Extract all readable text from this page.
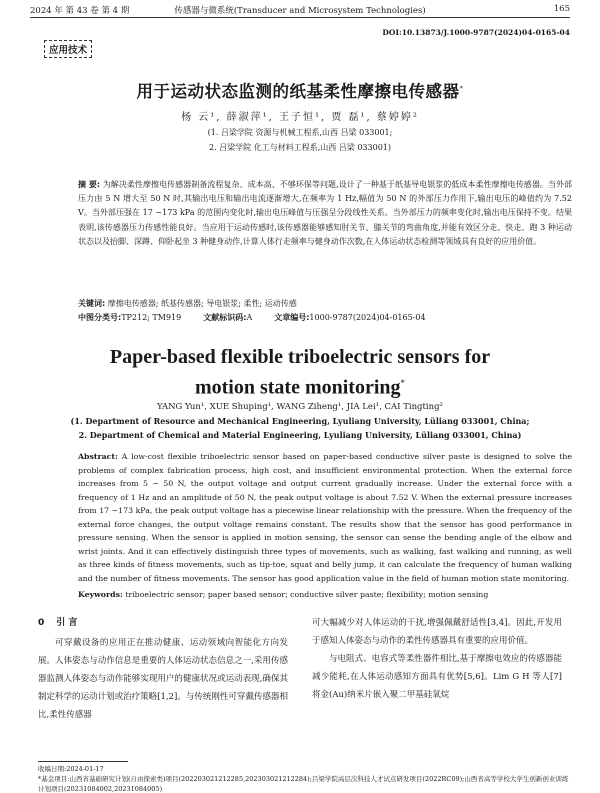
2024 年 第 43 卷 第 4 期	传感器与微系统(Transducer and Microsystem Technologies)	165
DOI:10.13873/J.1000-9787(2024)04-0165-04
应用技术
用于运动状态监测的纸基柔性摩擦电传感器*
杨 云¹, 薛淑萍¹, 王子恒¹, 贾 磊¹, 蔡婷婷²
(1. 吕梁学院 资源与机械工程系,山西 吕梁 033001;
2. 吕梁学院 化工与材料工程系,山西 吕梁 033001)
摘 要: 为解决柔性摩擦电传感器制备流程复杂、成本高、不够环保等问题,设计了一种基于纸基导电银浆的低成本柔性摩擦电传感器。当外部压力由 5 N 增大至 50 N 时,其输出电压和输出电流逐渐增大,在频率为 1 Hz,幅值为 50 N 的外部压力作用下,输出电压的峰值约为 7.52 V。当外部压强在 17 ~173 kPa 的范围内变化时,输出电压峰值与压强呈分段线性关系。当外部压力的频率变化时,输出电压保持不变。结果表明,该传感器压力传感性能良好。当应用于运动传感时,该传感器能够感知肘关节、膝关节的弯曲角度,并能有效区分走、快走、跑 3 种运动状态以及抬脚、深蹲、仰卧起坐 3 种健身动作,计算人体行走频率与健身动作次数,在人体运动状态检测等领域具有良好的应用价值。
关键词: 摩擦电传感器; 纸基传感器; 导电银浆; 柔性; 运动传感
中图分类号:TP212; TM919	文献标识码:A	文章编号:1000-9787(2024)04-0165-04
Paper-based flexible triboelectric sensors for
motion state monitoring*
YANG Yun¹, XUE Shuping¹, WANG Ziheng¹, JIA Lei¹, CAI Tingting²
(1. Department of Resource and Mechanical Engineering, Lyuliang University, Lüliang 033001, China;
2. Department of Chemical and Material Engineering, Lyuliang University, Lüliang 033001, China)
Abstract: A low-cost flexible triboelectric sensor based on paper-based conductive silver paste is designed to solve the problems of complex fabrication process, high cost, and insufficient environmental protection. When the external force increases from 5 ~ 50 N, the output voltage and output current gradually increase. Under the external force with a frequency of 1 Hz and an amplitude of 50 N, the peak output voltage is about 7.52 V. When the external pressure increases from 17 ~173 kPa, the peak output voltage has a piecewise linear relationship with the pressure. When the frequency of the external force changes, the output voltage remains constant. The results show that the sensor has good performance in pressure sensing. When the sensor is applied in motion sensing, the sensor can sense the bending angle of the elbow and wrist joints. And it can effectively distinguish three types of movements, such as walking, fast walking and running, as well as three kinds of fitness movements, such as tip-toe, squat and belly jump, it can calculate the frequency of human walking and the number of fitness movements. The sensor has good application value in the field of human motion state monitoring.
Keywords: triboelectric sensor; paper based sensor; conductive silver paste; flexibility; motion sensing
0 引 言
可穿戴设备的应用正在推动健康、运动领域向智能化方向发展。人体姿态与动作信息是重要的人体运动状态信息之一,采用传感器监测人体姿态与动作能够实现用户的健康状况或运动表现,确保其制定科学的运动计划或治疗策略[1,2]。与传统刚性可穿戴传感器相比,柔性传感器
可大幅减少对人体运动的干扰,增强佩戴舒适性[3,4]。因此,开发用于感知人体姿态与动作的柔性传感器具有重要的应用价值。
与电阻式、电容式等柔性器件相比,基于摩擦电效应的传感器能减少能耗,在人体运动感知方面具有优势[5,6]。Lim G H 等人[7] 将金(Au)纳米片嵌入聚二甲基硅氧烷
收稿日期:2024-01-17
*基金项目:山西省基础研究计划(自由探索类)项目(202203021212285,202303021212284);吕梁学院高层次科技人才试点研发项目(2022RC09);山西省高等学校大学生创新创业训练计划项目(20231084002,20231084005)
